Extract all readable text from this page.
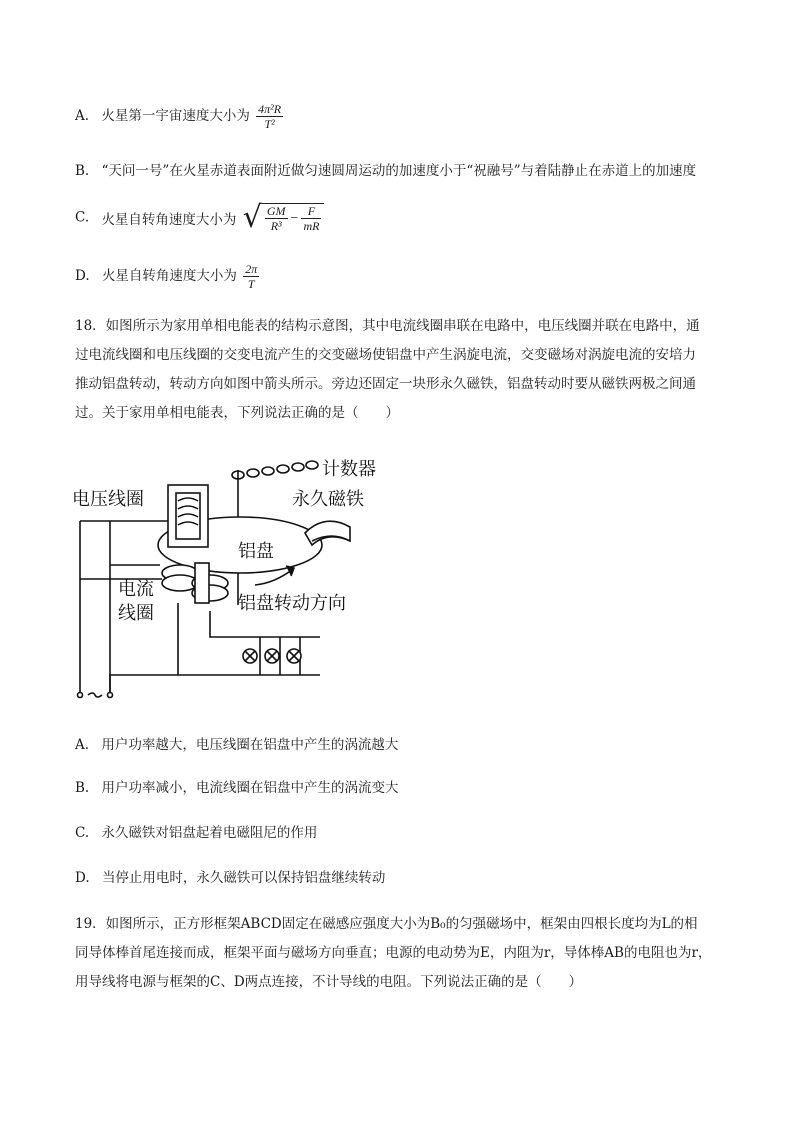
A. 火星第一宇宙速度大小为 $\frac{\text{4π²R}}{\text{T²}}$
B. “天问一号”在火星赤道表面附近做匀速圆周运动的加速度小于“祝融号”与着陆静止在赤道上的加速度
C. 火星自转角速度大小为 √ $\frac{GM}{\text{R³}} - \frac{F}{mR}$
D. 火星自转角速度大小为 $\frac{2\pi}{T}$
18．如图所示为家用单相电能表的结构示意图，其中电流线圈串联在电路中，电压线圈并联在电路中，通
过电流线圈和电压线圈的交变电流产生的交变磁场使铝盘中产生涡旋电流，交变磁场对涡旋电流的安培力
推动铝盘转动，转动方向如图中箭头所示。旁边还固定一块形永久磁铁，铝盘转动时要从磁铁两极之间通
过。关于家用单相电能表，下列说法正确的是（　　）
计数器
永久磁铁
电压线圈
铝盘
电流
线圈	铝盘转动方向
A. 用户功率越大，电压线圈在铝盘中产生的涡流越大
B. 用户功率减小，电流线圈在铝盘中产生的涡流变大
C. 永久磁铁对铝盘起着电磁阻尼的作用
D. 当停止用电时，永久磁铁可以保持铝盘继续转动
19．如图所示，正方形框架ABCD固定在磁感应强度大小为B₀的匀强磁场中，框架由四根长度均为L的相
同导体棒首尾连接而成，框架平面与磁场方向垂直；电源的电动势为E，内阻为r，导体棒AB的电阻也为r，
用导线将电源与框架的C、D两点连接，不计导线的电阻。下列说法正确的是（　　）
